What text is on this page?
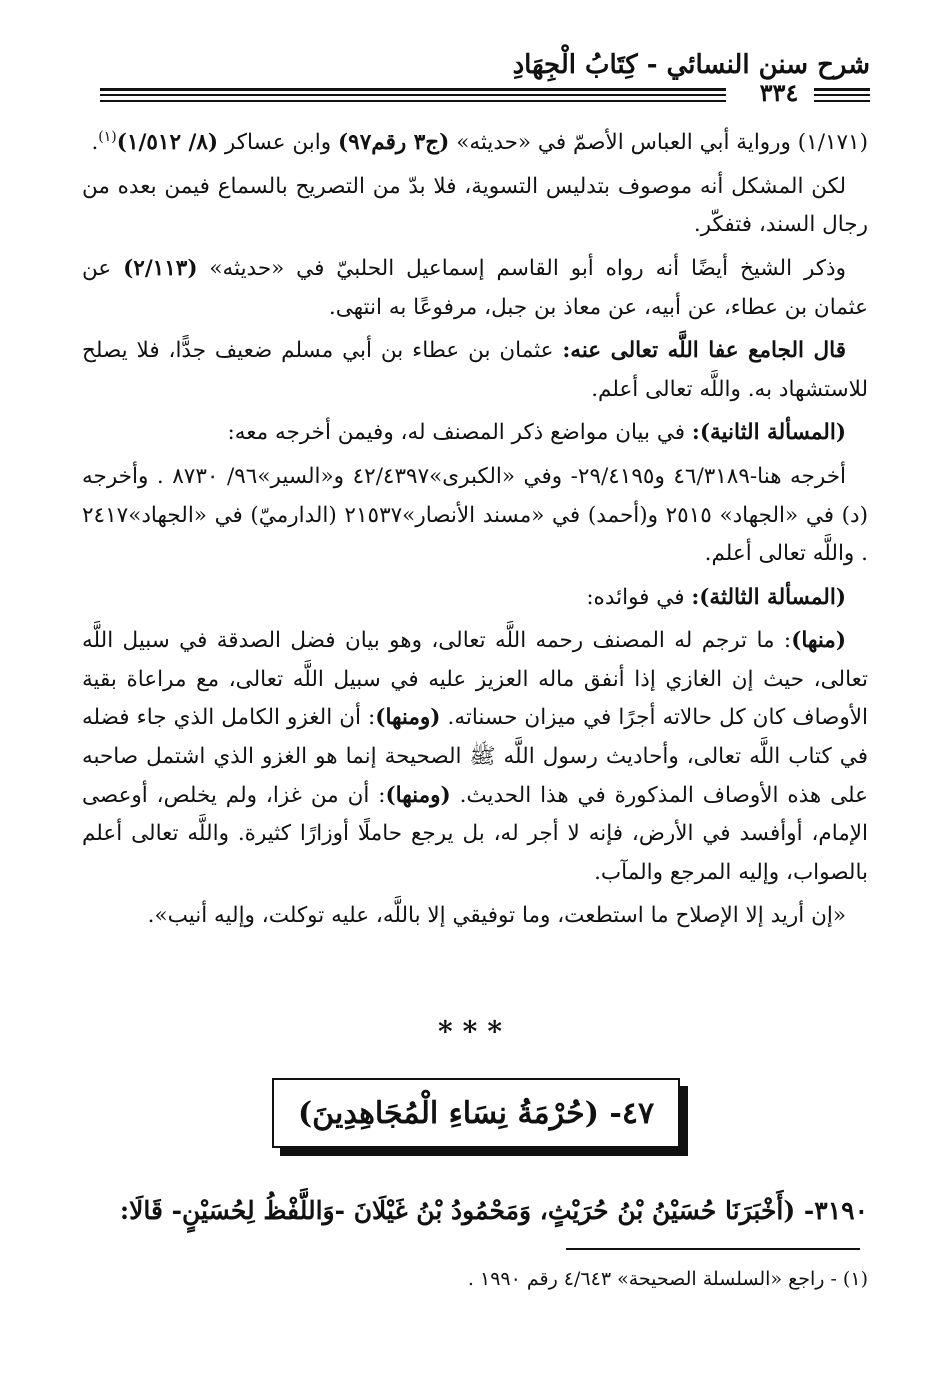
شرح سنن النسائي - كِتَابُ الْجِهَادِ
٣٣٤

(١/١٧١) ورواية أبي العباس الأصمّ في «حديثه» (ج٣ رقم٩٧) وابن عساكر (٨/ ١/٥١٢)$^{(١)}$.

لكن المشكل أنه موصوف بتدليس التسوية، فلا بدّ من التصريح بالسماع فيمن بعده من رجال السند، فتفكّر.

وذكر الشيخ أيضًا أنه رواه أبو القاسم إسماعيل الحلبيّ في «حديثه» (٢/١١٣) عن عثمان بن عطاء، عن أبيه، عن معاذ بن جبل، مرفوعًا به انتهى.

قال الجامع عفا اللَّه تعالى عنه: عثمان بن عطاء بن أبي مسلم ضعيف جدًّا، فلا يصلح للاستشهاد به. واللَّه تعالى أعلم.

(المسألة الثانية): في بيان مواضع ذكر المصنف له، وفيمن أخرجه معه:

أخرجه هنا-٤٦/٣١٨٩ و٢٩/٤١٩٥- وفي «الكبرى»٤٢/٤٣٩٧ و«السير»٩٦/ ٨٧٣٠ . وأخرجه (د) في «الجهاد» ٢٥١٥ و(أحمد) في «مسند الأنصار»٢١٥٣٧ (الدارميّ) في «الجهاد»٢٤١٧ . واللَّه تعالى أعلم.

(المسألة الثالثة): في فوائده:

(منها): ما ترجم له المصنف رحمه اللَّه تعالى، وهو بيان فضل الصدقة في سبيل اللَّه تعالى، حيث إن الغازي إذا أنفق ماله العزيز عليه في سبيل اللَّه تعالى، مع مراعاة بقية الأوصاف كان كل حالاته أجرًا في ميزان حسناته. (ومنها): أن الغزو الكامل الذي جاء فضله في كتاب اللَّه تعالى، وأحاديث رسول اللَّه ﷺ الصحيحة إنما هو الغزو الذي اشتمل صاحبه على هذه الأوصاف المذكورة في هذا الحديث. (ومنها): أن من غزا، ولم يخلص، أوعصى الإمام، أوأفسد في الأرض، فإنه لا أجر له، بل يرجع حاملًا أوزارًا كثيرة. واللَّه تعالى أعلم بالصواب، وإليه المرجع والمآب.

«إن أريد إلا الإصلاح ما استطعت، وما توفيقي إلا باللَّه، عليه توكلت، وإليه أنيب».

***
٤٧- (حُرْمَةُ نِسَاءِ الْمُجَاهِدِينَ)
٣١٩٠- (أَخْبَرَنَا حُسَيْنُ بْنُ حُرَيْثٍ، وَمَحْمُودُ بْنُ غَيْلَانَ -وَاللَّفْظُ لِحُسَيْنٍ- قَالَا:
(١) - راجع «السلسلة الصحيحة» ٤/٦٤٣ رقم ١٩٩٠ .
